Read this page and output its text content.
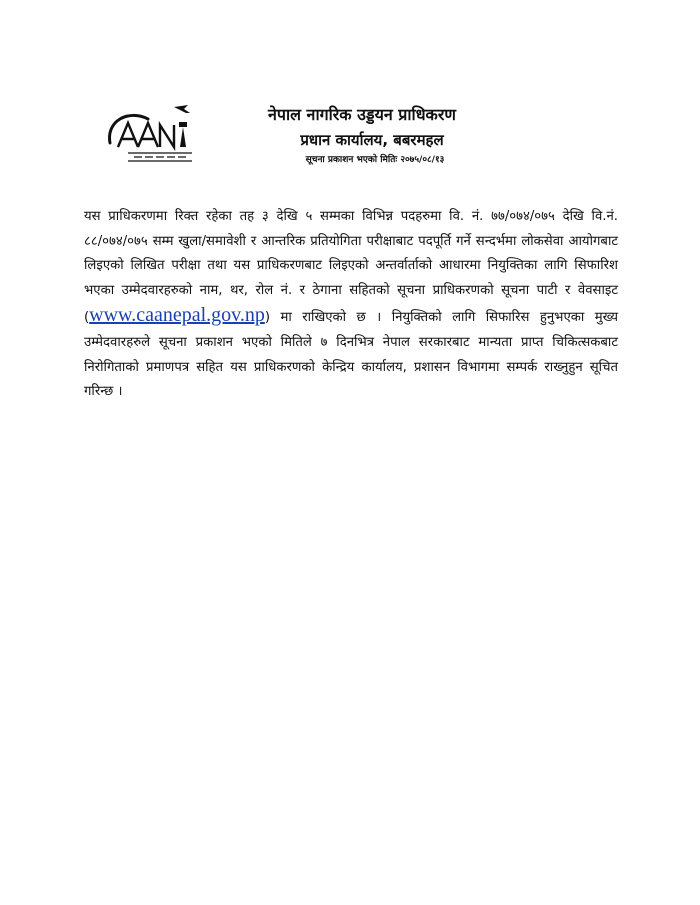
नेपाल नागरिक उड्डयन प्राधिकरण

प्रधान कार्यालय, बबरमहल

सूचना प्रकाशन भएको मितिः २०७५/०८/१३

यस प्राधिकरणमा रिक्त रहेका तह ३ देखि ५ सम्मका विभिन्न पदहरुमा वि. नं. ७७/०७४/०७५ देखि वि.नं. ८८/०७४/०७५ सम्म खुला/समावेशी र आन्तरिक प्रतियोगिता परीक्षाबाट पदपूर्ति गर्ने सन्दर्भमा लोकसेवा आयोगबाट लिइएको लिखित परीक्षा तथा यस प्राधिकरणबाट लिइएको अन्तर्वार्ताको आधारमा नियुक्तिका लागि सिफारिश भएका उम्मेदवारहरुको नाम, थर, रोल नं. र ठेगाना सहितको सूचना प्राधिकरणको सूचना पाटी र वेवसाइट (www.caanepal.gov.np) मा राखिएको छ । नियुक्तिको लागि सिफारिस हुनुभएका मुख्य उम्मेदवारहरुले सूचना प्रकाशन भएको मितिले ७ दिनभित्र नेपाल सरकारबाट मान्यता प्राप्त चिकित्सकबाट निरोगिताको प्रमाणपत्र सहित यस प्राधिकरणको केन्द्रिय कार्यालय, प्रशासन विभागमा सम्पर्क राख्नुहुन सूचित गरिन्छ ।
